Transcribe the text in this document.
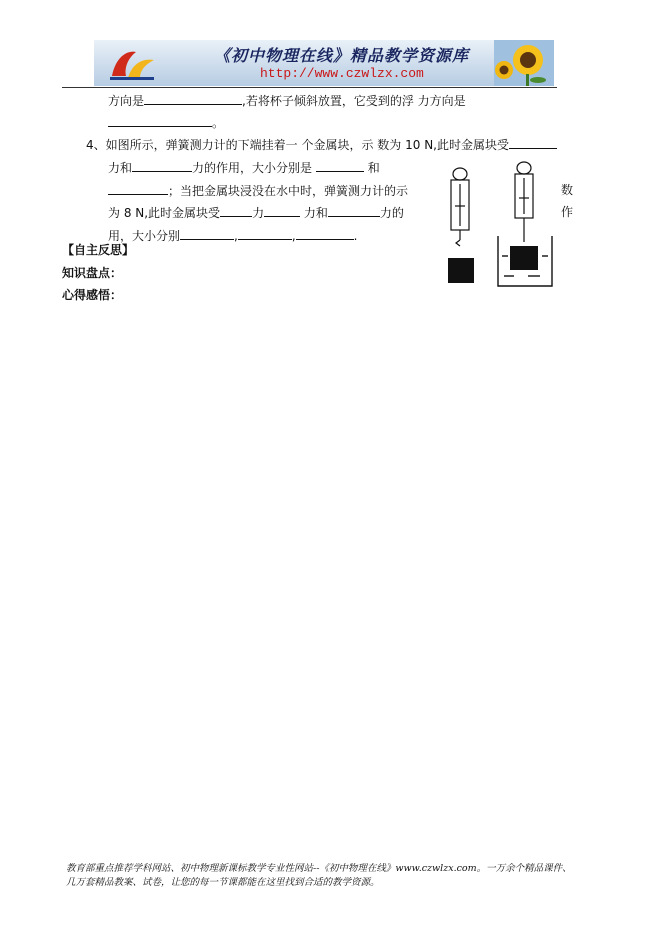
《初中物理在线》精品教学资源库
http://www.czwlzx.com
方向是	,若将杯子倾斜放置，它受到的浮 力方向是
。
4、如图所示，弹簧测力计的下端挂着一 个金属块，示 数为 10 N,此时金属块受
力和	力的作用，大小分别是	和
；当把金属块浸没在水中时，弹簧测力计的示	数
为 8 N,此时金属块受	力	力和	力的	作
用，大小分别	,	,	.
【自主反思】
知识盘点：
心得感悟：
教育部重点推荐学科网站、初中物理新课标教学专业性网站--《初中物理在线》www.czwlzx.com。一万余个精品课件、
几万套精品教案、试卷，让您的每一节课都能在这里找到合适的教学资源。
